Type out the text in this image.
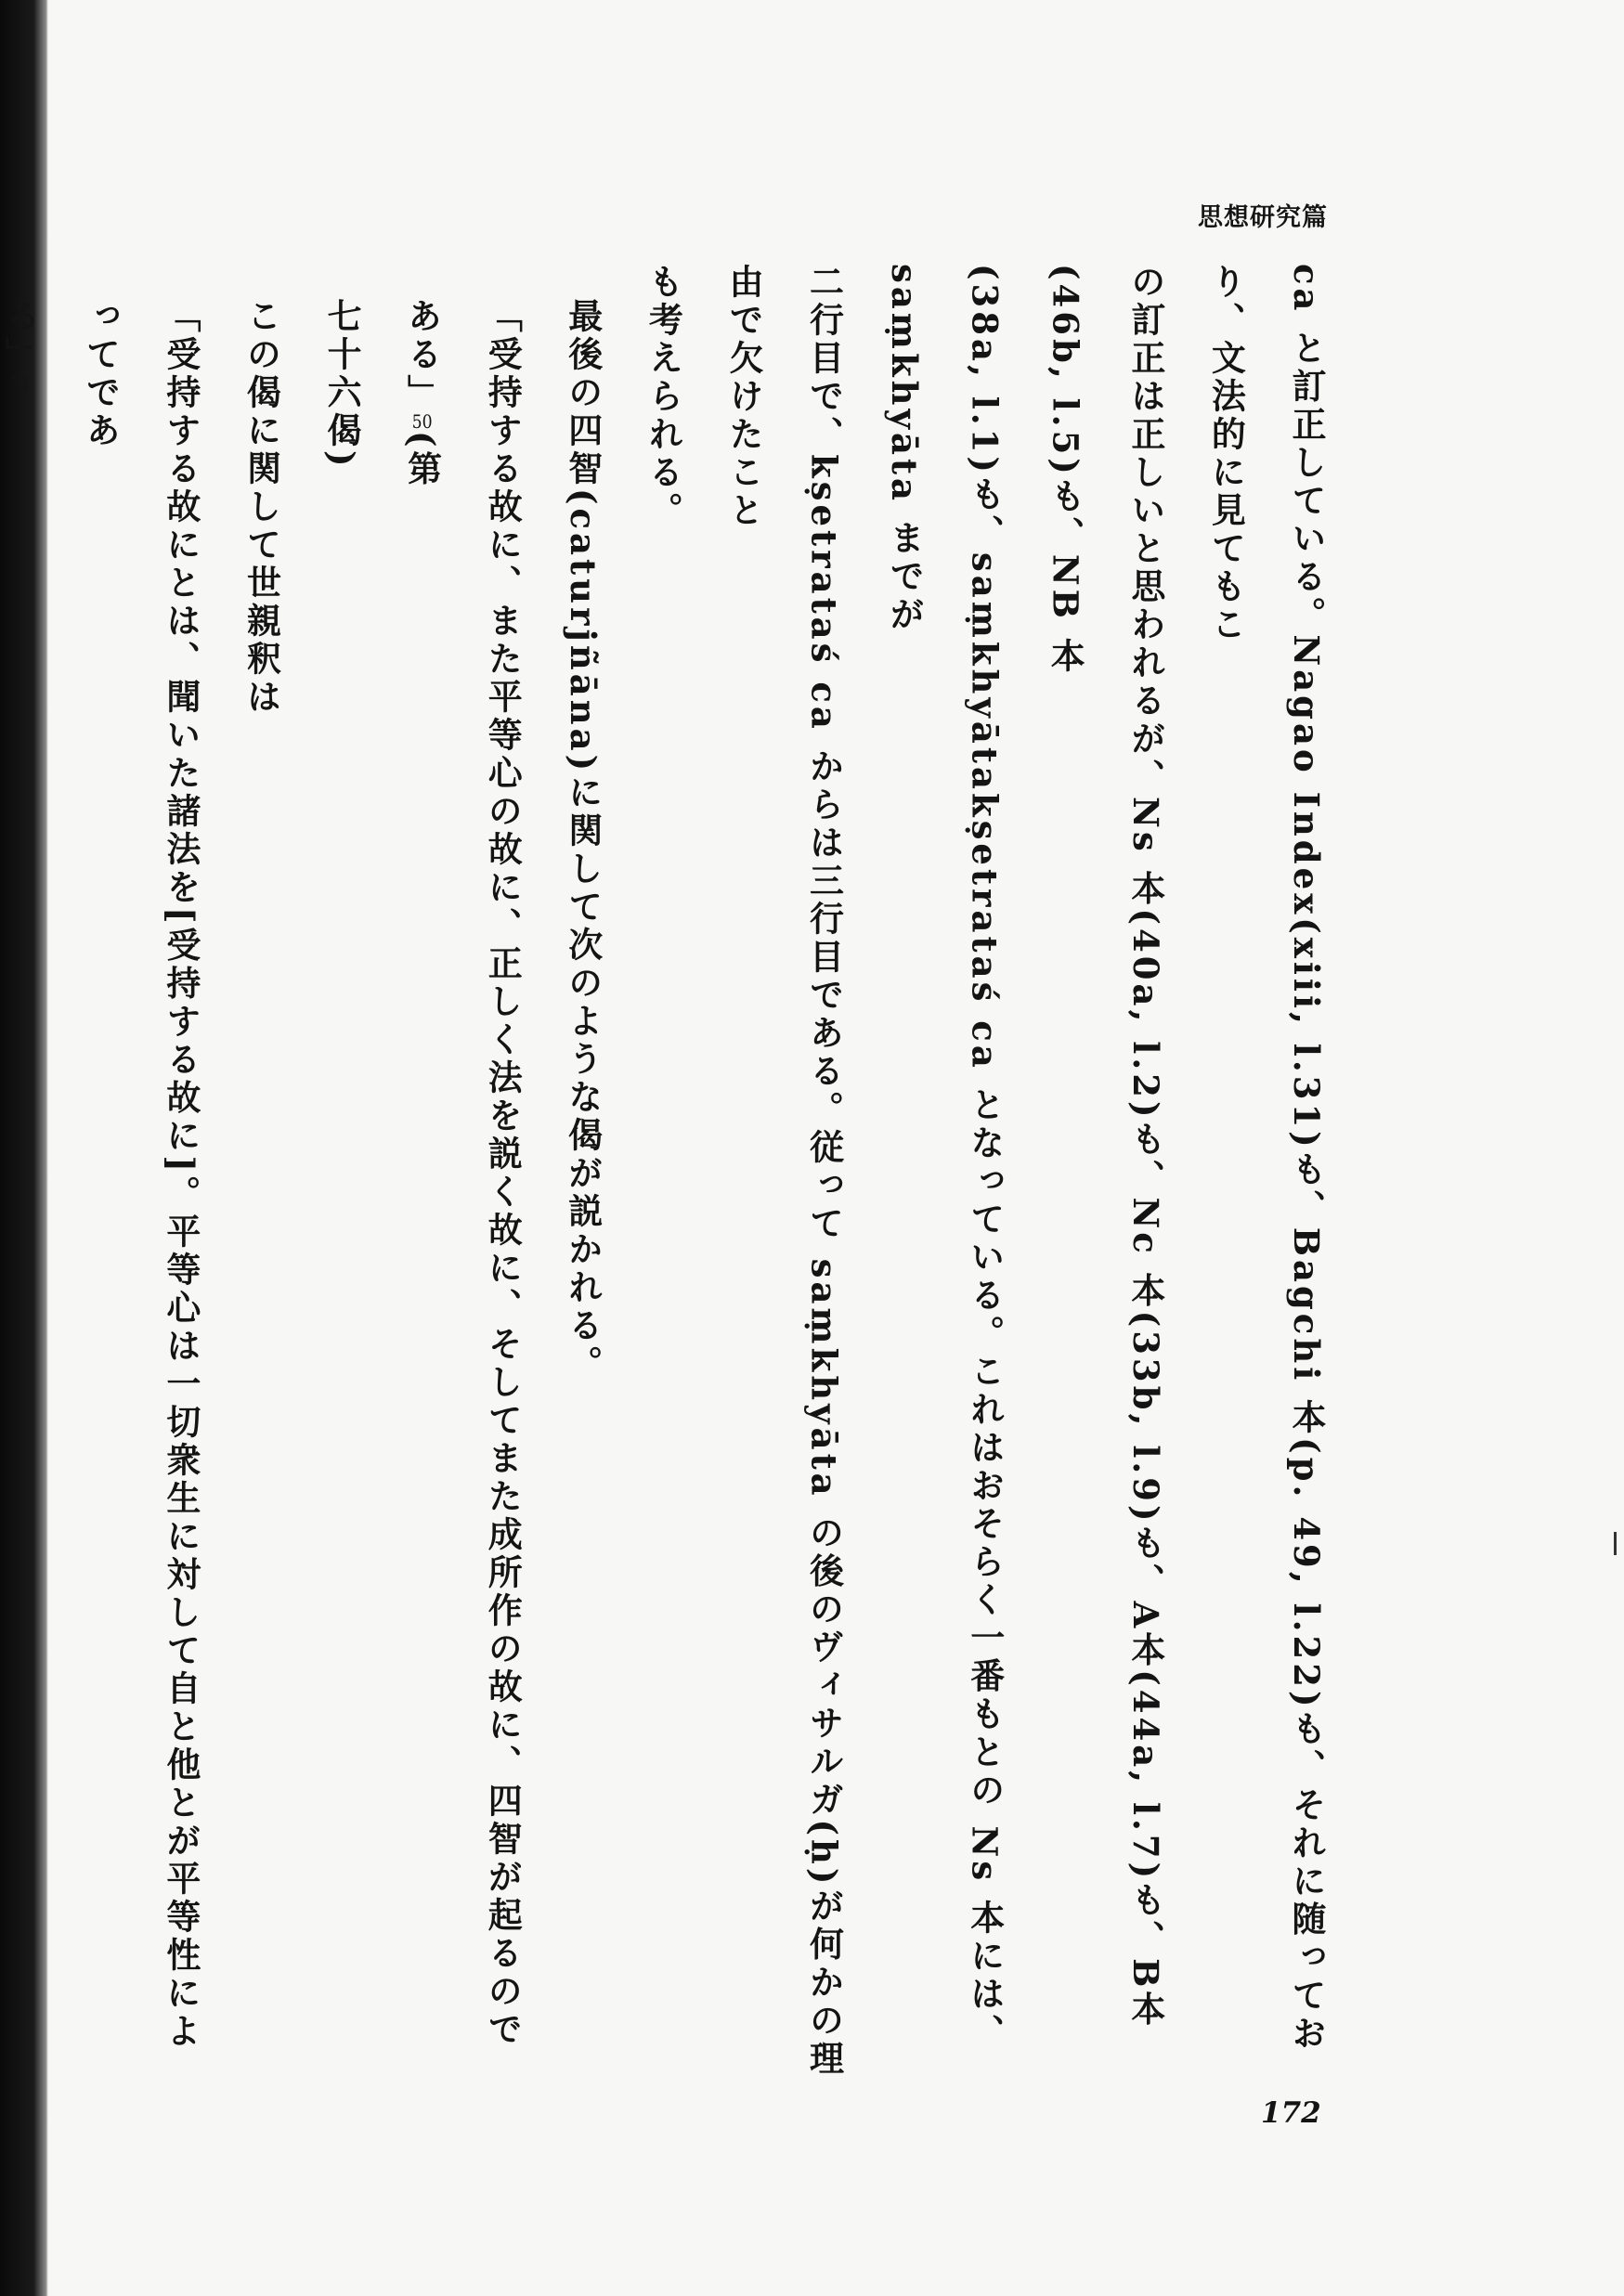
思想研究篇
ca と訂正している。Nagao Index(xiii, l.31)も、Bagchi 本(p. 49, l.22)も、それに随っており、文法的に見てもこ
の訂正は正しいと思われるが、Ns 本(40a, l.2)も、Nc 本(33b, l.9)も、A本(44a, l.7)も、B本(46b, l.5)も、NB 本
(38a, l.1)も、saṃkhyātakṣetrataś ca となっている。これはおそらく一番もとの Ns 本には、saṃkhyāta までが
二行目で、kṣetrataś ca からは三行目である。従って saṃkhyāta の後のヴィサルガ(ḥ)が何かの理由で欠けたこと
も考えられる。
最後の四智(caturjñāna)に関して次のような偈が説かれる。
「受持する故に、また平等心の故に、正しく法を説く故に、そしてまた成所作の故に、四智が起るのである」50(第
七十六偈)
この偈に関して世親釈は
「受持する故にとは、聞いた諸法を[受持する故に]。平等心は一切衆生に対して自と他とが平等性によってであ
る」51
172
